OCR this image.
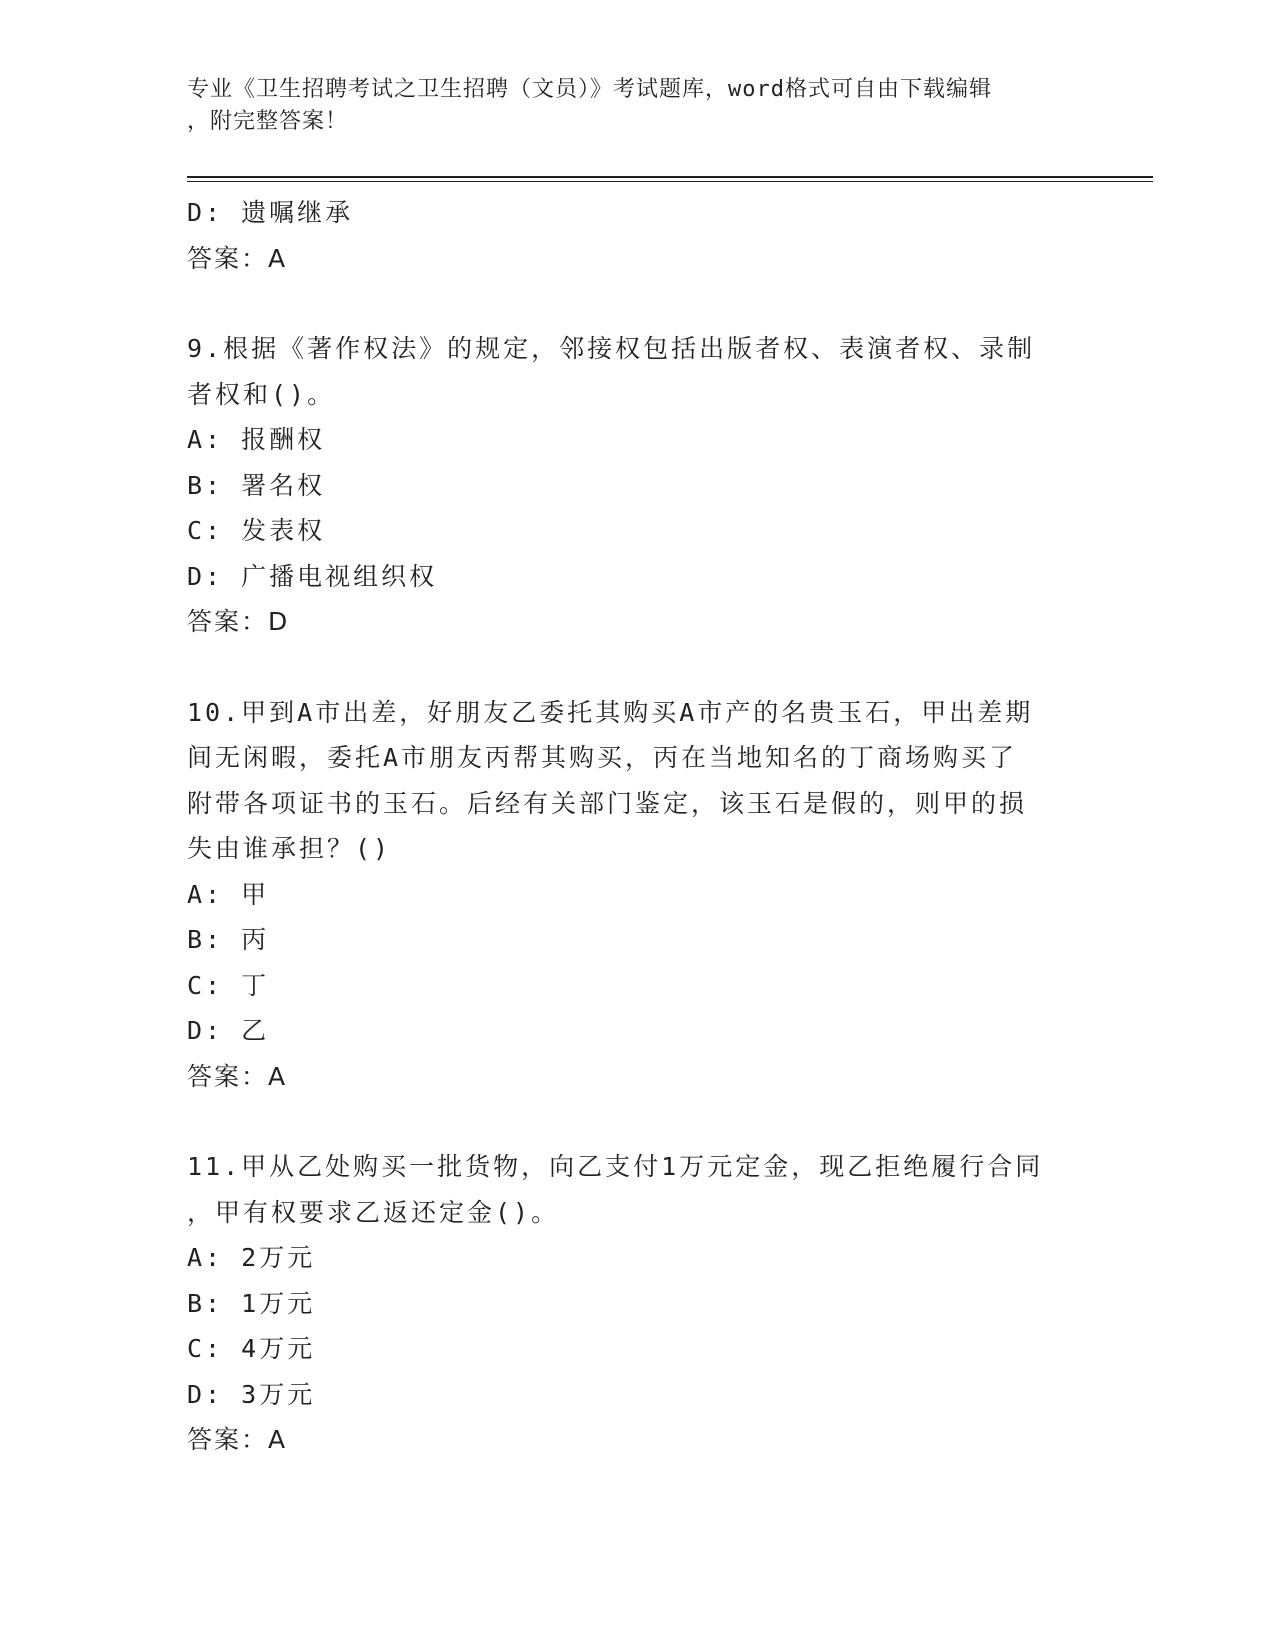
专业《卫生招聘考试之卫生招聘（文员）》考试题库，word格式可自由下载编辑
，附完整答案！
D: 遗嘱继承
答案：A
9.根据《著作权法》的规定，邻接权包括出版者权、表演者权、录制
者权和()。
A: 报酬权
B: 署名权
C: 发表权
D: 广播电视组织权
答案：D
10.甲到A市出差，好朋友乙委托其购买A市产的名贵玉石，甲出差期
间无闲暇，委托A市朋友丙帮其购买，丙在当地知名的丁商场购买了
附带各项证书的玉石。后经有关部门鉴定，该玉石是假的，则甲的损
失由谁承担？()
A: 甲
B: 丙
C: 丁
D: 乙
答案：A
11.甲从乙处购买一批货物，向乙支付1万元定金，现乙拒绝履行合同
，甲有权要求乙返还定金()。
A: 2万元
B: 1万元
C: 4万元
D: 3万元
答案：A
